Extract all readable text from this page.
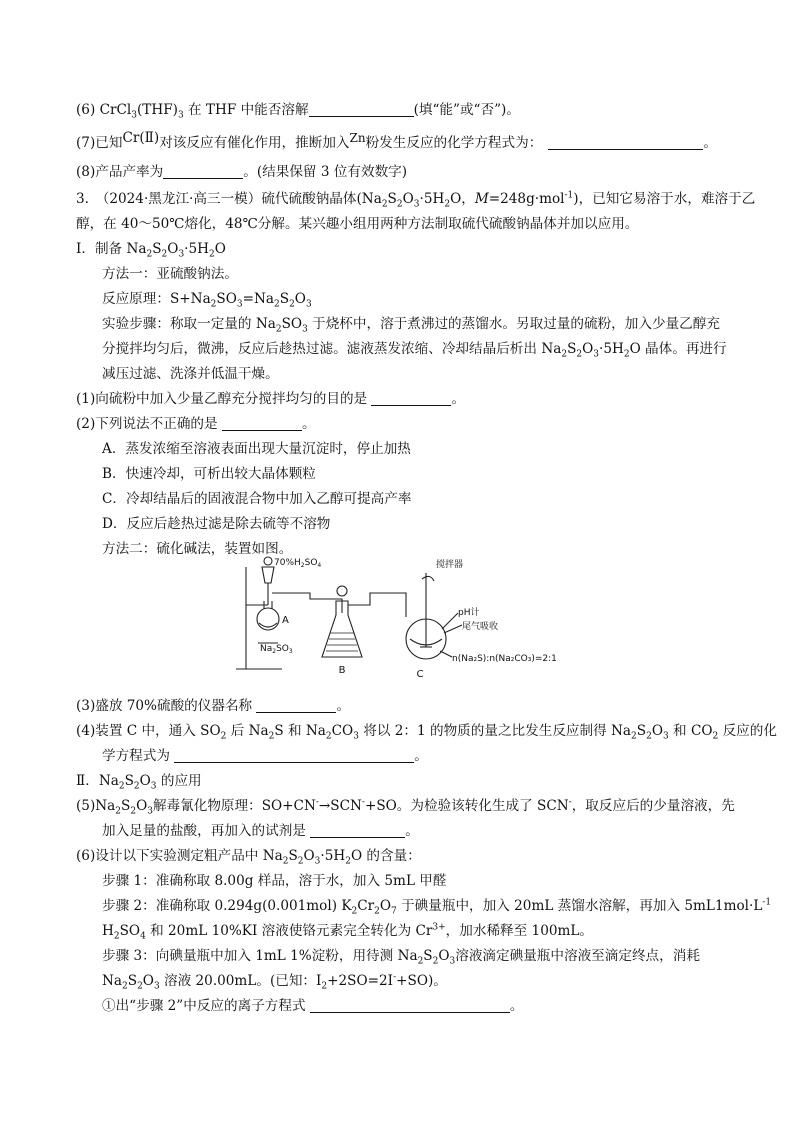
(6) $CrCl_3(THF)_3$ 在 THF 中能否溶解	(填“能”或“否”)。
(7)已知Cr(Ⅱ)对该反应有催化作用，推断加入Zn粉发生反应的化学方程式为：	。
(8)产品产率为	。(结果保留 3 位有效数字)
3.　（2024·黑龙江·高三一模）硫代硫酸钠晶体($Na_2S_2O_3\cdot 5H_2O$，M=248g·mol$^{-1}$)，已知它易溶于水，难溶于乙
醇，在 40～50℃熔化，48℃分解。某兴趣小组用两种方法制取硫代硫酸钠晶体并加以应用。
Ⅰ．制备 $Na_2S_2O_3\cdot 5H_2O$
方法一：亚硫酸钠法。
反应原理：$S+Na_2SO_3=Na_2S_2O_3$
实验步骤：称取一定量的 $Na_2SO_3$ 于烧杯中，溶于煮沸过的蒸馏水。另取过量的硫粉，加入少量乙醇充
分搅拌均匀后，微沸，反应后趁热过滤。滤液蒸发浓缩、冷却结晶后析出 $Na_2S_2O_3\cdot 5H_2O$ 晶体。再进行
减压过滤、洗涤并低温干燥。
(1)向硫粉中加入少量乙醇充分搅拌均匀的目的是	。
(2)下列说法不正确的是	。
A．蒸发浓缩至溶液表面出现大量沉淀时，停止加热
B．快速冷却，可析出较大晶体颗粒
C．冷却结晶后的固液混合物中加入乙醇可提高产率
D．反应后趁热过滤是除去硫等不溶物
方法二：硫化碱法，装置如图。
A
$Na_2SO_3$
$70\%H_2SO_4$
B
搅拌器
pH计
尾气吸收
n(Na₂S):n(Na₂CO₃)=2:1
C
(3)盛放 70%硫酸的仪器名称	。
(4)装置 C 中，通入 $SO_2$ 后 $Na_2S$ 和 $Na_2CO_3$ 将以 2：1 的物质的量之比发生反应制得 $Na_2S_2O_3$ 和 $CO_2$ 反应的化
学方程式为	。
Ⅱ．$Na_2S_2O_3$ 的应用
$(5)Na_2S_2O_3$解毒氰化物原理：SO+CN-→SCN-+SO。为检验该转化生成了 SCN-，取反应后的少量溶液，先
加入足量的盐酸，再加入的试剂是	。
(6)设计以下实验测定粗产品中 $Na_2S_2O_3\cdot 5H_2O$ 的含量：
步骤 1：准确称取 8.00g 样品，溶于水，加入 5mL 甲醛
步骤 2：准确称取 0.294g(0.001mol) $K_2Cr_2O_7$ 于碘量瓶中，加入 20mL 蒸馏水溶解，再加入 $5mL1mol\cdot L^{-1}$
$H_2SO_4$ 和 20mL 10%KI 溶液使铬元素完全转化为 $Cr^{3+}$，加水稀释至 100mL。
步骤 3：向碘量瓶中加入 1mL 1%淀粉，用待测 $Na_2S_2O_3$溶液滴定碘量瓶中溶液至滴定终点，消耗
$Na_2S_2O_3$ 溶液 20.00mL。(已知：$I_2+2SO=2I^-+SO$)。
①出“步骤 2”中反应的离子方程式	。
